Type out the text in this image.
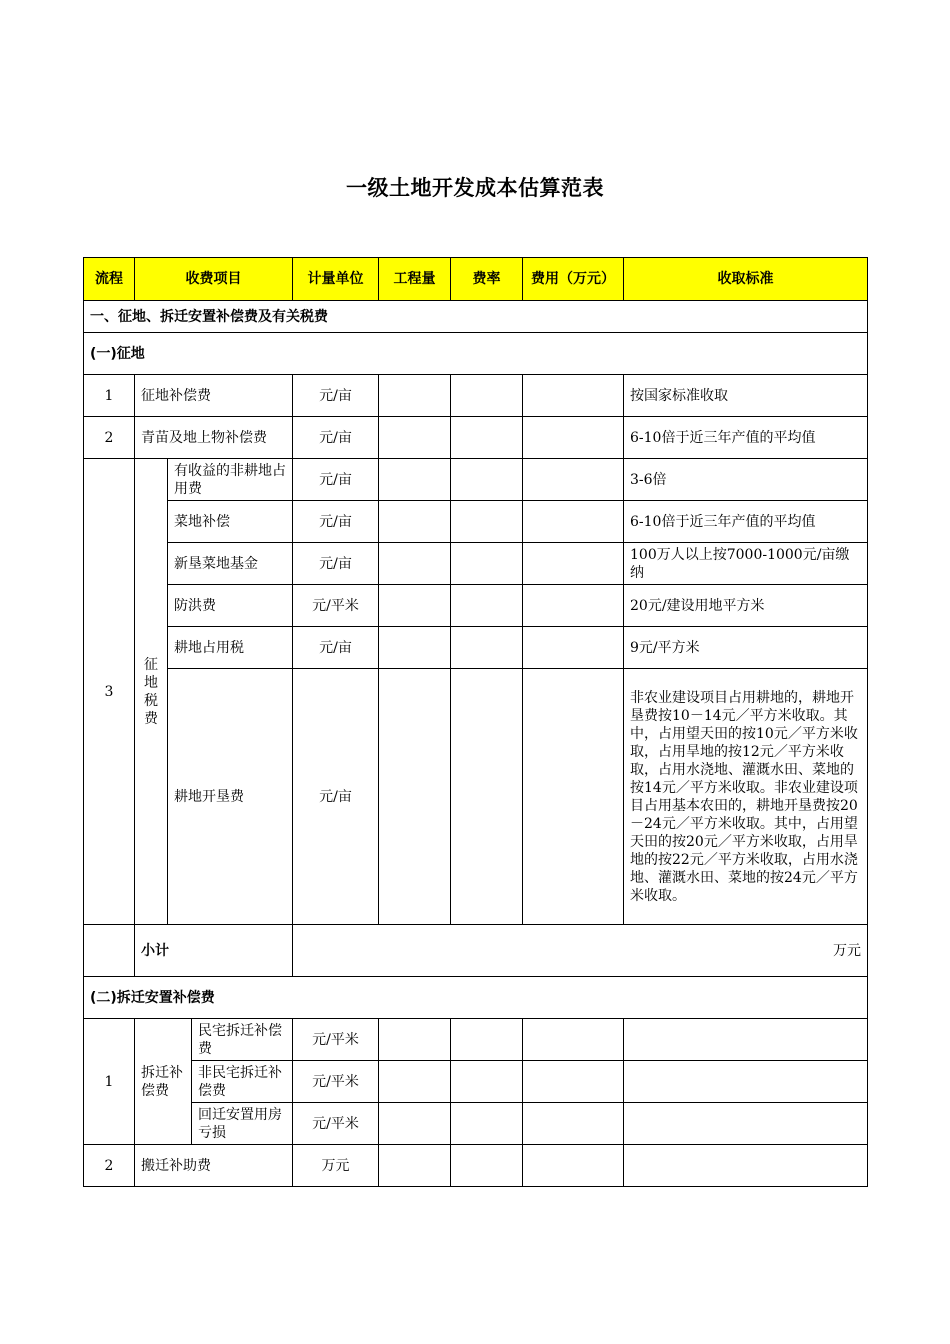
一级土地开发成本估算范表
流程	收费项目			计量单位	工程量	费率	费用（万元）	收取标准
一、征地、拆迁安置补偿费及有关税费								
(一)征地								
1	征地补偿费			元/亩				按国家标准收取
2	青苗及地上物补偿费			元/亩				6-10倍于近三年产值的平均值
3	征地税费	有收益的非耕地占用费		元/亩				3-6倍
		菜地补偿		元/亩				6-10倍于近三年产值的平均值
		新垦菜地基金		元/亩				100万人以上按7000-1000元/亩缴纳
		防洪费		元/平米				20元/建设用地平方米
		耕地占用税		元/亩				9元/平方米
		耕地开垦费		元/亩				非农业建设项目占用耕地的，耕地开垦费按10－14元／平方米收取。其中，占用望天田的按10元／平方米收取，占用旱地的按12元／平方米收取，占用水浇地、灌溉水田、菜地的按14元／平方米收取。非农业建设项目占用基本农田的，耕地开垦费按20－24元／平方米收取。其中，占用望天田的按20元／平方米收取，占用旱地的按22元／平方米收取，占用水浇地、灌溉水田、菜地的按24元／平方米收取。
	小计			万元				
(二)拆迁安置补偿费								
1	拆迁补偿费		民宅拆迁补偿费	元/平米				
			非民宅拆迁补偿费	元/平米				
			回迁安置用房亏损	元/平米				
2	搬迁补助费			万元				
